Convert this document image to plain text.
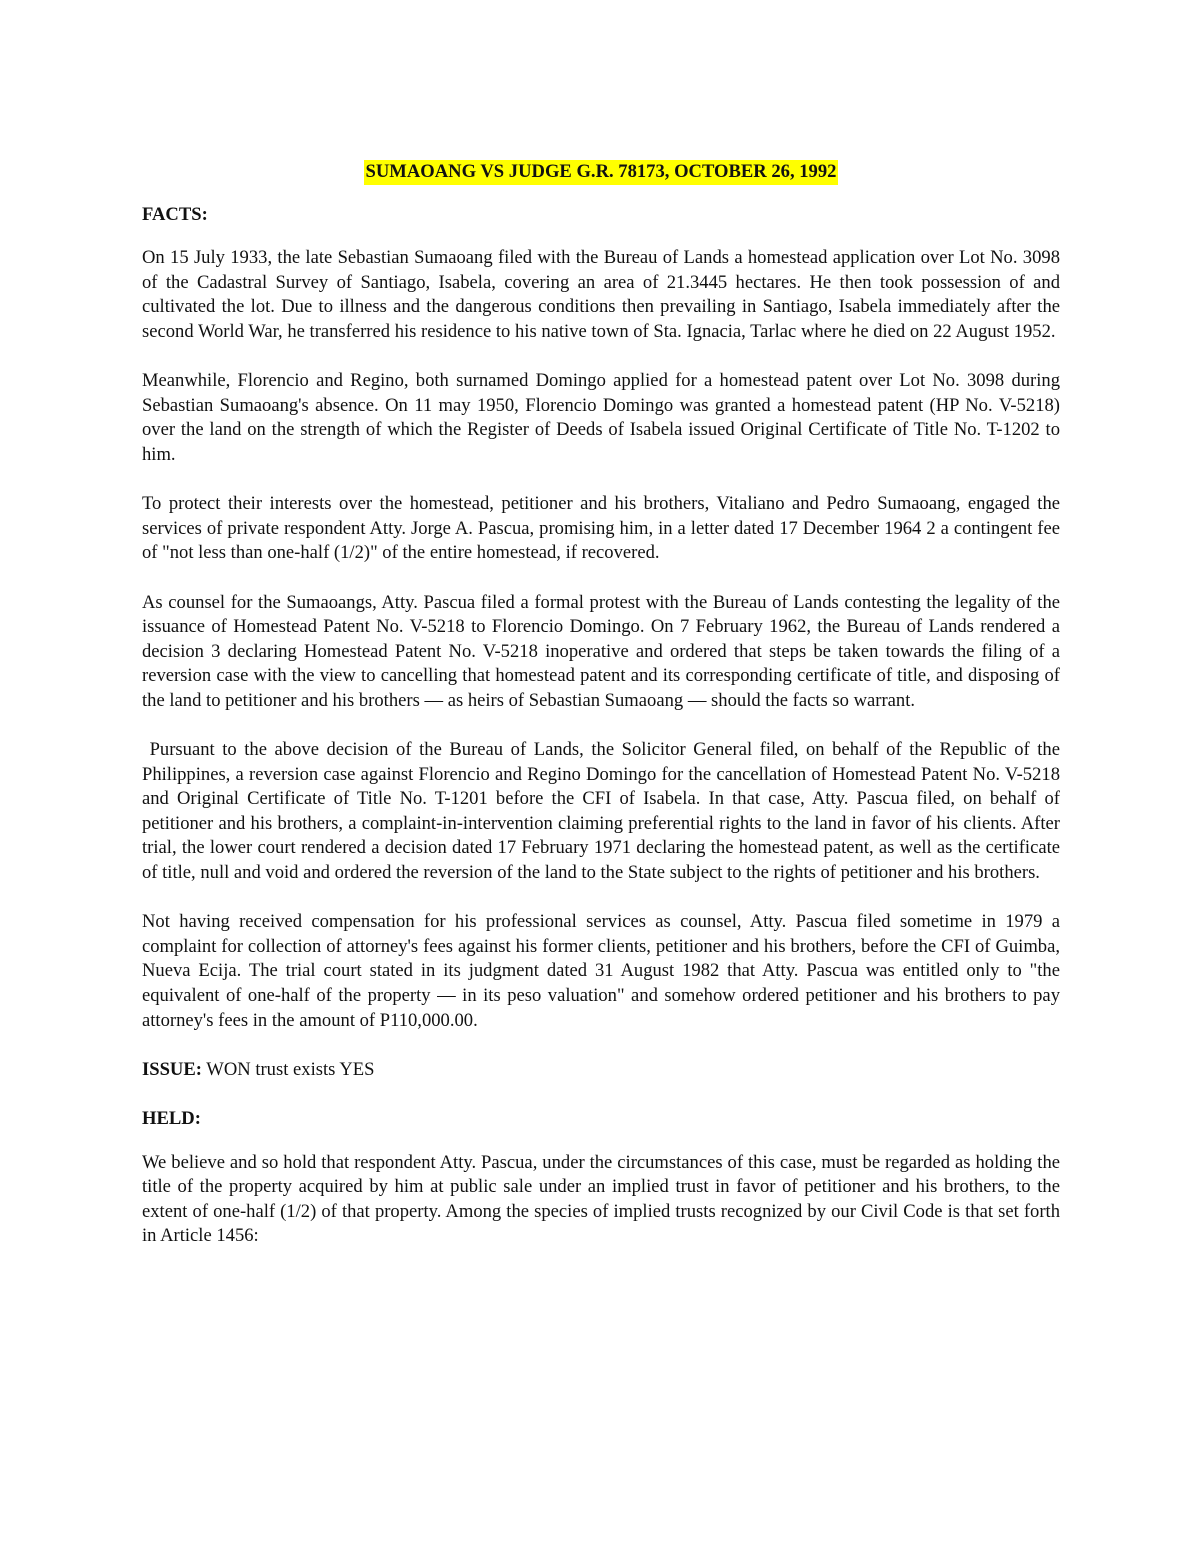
SUMAOANG VS JUDGE G.R. 78173, OCTOBER 26, 1992
FACTS:

On 15 July 1933, the late Sebastian Sumaoang filed with the Bureau of Lands a homestead application over Lot No. 3098 of the Cadastral Survey of Santiago, Isabela, covering an area of 21.3445 hectares. He then took possession of and cultivated the lot. Due to illness and the dangerous conditions then prevailing in Santiago, Isabela immediately after the second World War, he transferred his residence to his native town of Sta. Ignacia, Tarlac where he died on 22 August 1952.

Meanwhile, Florencio and Regino, both surnamed Domingo applied for a homestead patent over Lot No. 3098 during Sebastian Sumaoang's absence. On 11 may 1950, Florencio Domingo was granted a homestead patent (HP No. V-5218) over the land on the strength of which the Register of Deeds of Isabela issued Original Certificate of Title No. T-1202 to him.

To protect their interests over the homestead, petitioner and his brothers, Vitaliano and Pedro Sumaoang, engaged the services of private respondent Atty. Jorge A. Pascua, promising him, in a letter dated 17 December 1964 2 a contingent fee of "not less than one-half (1/2)" of the entire homestead, if recovered.

As counsel for the Sumaoangs, Atty. Pascua filed a formal protest with the Bureau of Lands contesting the legality of the issuance of Homestead Patent No. V-5218 to Florencio Domingo. On 7 February 1962, the Bureau of Lands rendered a decision 3 declaring Homestead Patent No. V-5218 inoperative and ordered that steps be taken towards the filing of a reversion case with the view to cancelling that homestead patent and its corresponding certificate of title, and disposing of the land to petitioner and his brothers — as heirs of Sebastian Sumaoang — should the facts so warrant.

Pursuant to the above decision of the Bureau of Lands, the Solicitor General filed, on behalf of the Republic of the Philippines, a reversion case against Florencio and Regino Domingo for the cancellation of Homestead Patent No. V-5218 and Original Certificate of Title No. T-1201 before the CFI of Isabela. In that case, Atty. Pascua filed, on behalf of petitioner and his brothers, a complaint-in-intervention claiming preferential rights to the land in favor of his clients. After trial, the lower court rendered a decision dated 17 February 1971 declaring the homestead patent, as well as the certificate of title, null and void and ordered the reversion of the land to the State subject to the rights of petitioner and his brothers.

Not having received compensation for his professional services as counsel, Atty. Pascua filed sometime in 1979 a complaint for collection of attorney's fees against his former clients, petitioner and his brothers, before the CFI of Guimba, Nueva Ecija. The trial court stated in its judgment dated 31 August 1982 that Atty. Pascua was entitled only to "the equivalent of one-half of the property — in its peso valuation" and somehow ordered petitioner and his brothers to pay attorney's fees in the amount of P110,000.00.

ISSUE: WON trust exists YES

HELD:

We believe and so hold that respondent Atty. Pascua, under the circumstances of this case, must be regarded as holding the title of the property acquired by him at public sale under an implied trust in favor of petitioner and his brothers, to the extent of one-half (1/2) of that property. Among the species of implied trusts recognized by our Civil Code is that set forth in Article 1456:
